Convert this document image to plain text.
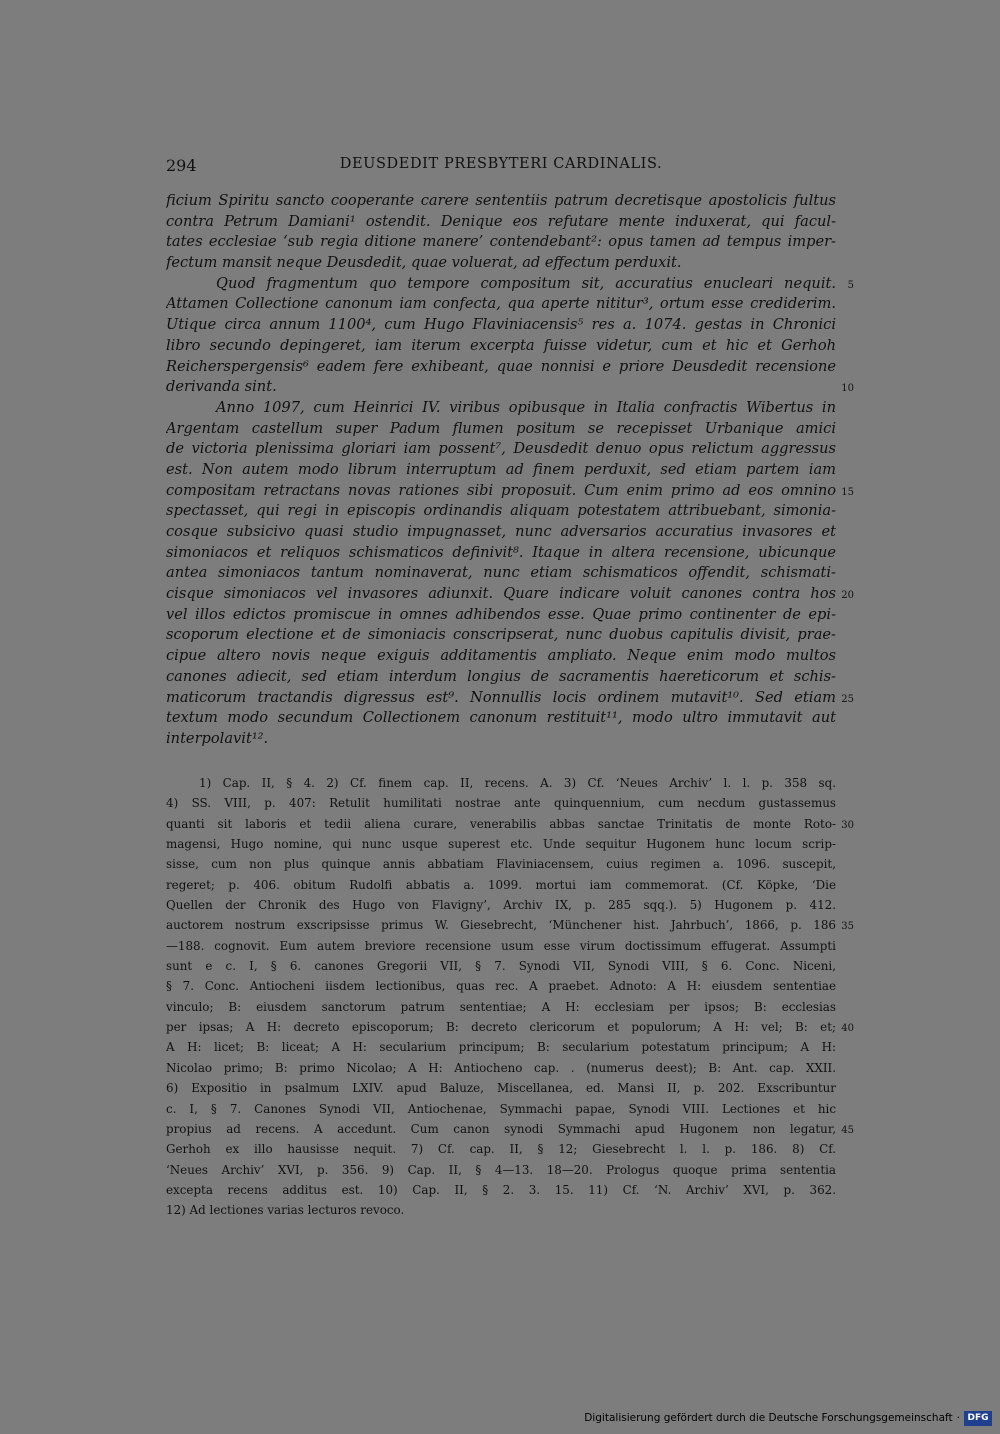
294	DEUSDEDIT PRESBYTERI CARDINALIS.
ficium Spiritu sancto cooperante carere sententiis patrum decretisque apostolicis fultus
contra Petrum Damiani¹ ostendit. Denique eos refutare mente induxerat, qui facul-
tates ecclesiae ‘sub regia ditione manere’ contendebant²: opus tamen ad tempus imper-
fectum mansit neque Deusdedit, quae voluerat, ad effectum perduxit.
Quod fragmentum quo tempore compositum sit, accuratius enucleari nequit.	5
Attamen Collectione canonum iam confecta, qua aperte nititur³, ortum esse crediderim.
Utique circa annum 1100⁴, cum Hugo Flaviniacensis⁵ res a. 1074. gestas in Chronici
libro secundo depingeret, iam iterum excerpta fuisse videtur, cum et hic et Gerhoh
Reicherspergensis⁶ eadem fere exhibeant, quae nonnisi e priore Deusdedit recensione
derivanda sint.	10
Anno 1097, cum Heinrici IV. viribus opibusque in Italia confractis Wibertus in
Argentam castellum super Padum flumen positum se recepisset Urbanique amici
de victoria plenissima gloriari iam possent⁷, Deusdedit denuo opus relictum aggressus
est. Non autem modo librum interruptum ad finem perduxit, sed etiam partem iam
compositam retractans novas rationes sibi proposuit. Cum enim primo ad eos omnino 15
spectasset, qui regi in episcopis ordinandis aliquam potestatem attribuebant, simonia-
cosque subsicivo quasi studio impugnasset, nunc adversarios accuratius invasores et
simoniacos et reliquos schismaticos definivit⁸. Itaque in altera recensione, ubicunque
antea simoniacos tantum nominaverat, nunc etiam schismaticos offendit, schismati-
cisque simoniacos vel invasores adiunxit. Quare indicare voluit canones contra hos 20
vel illos edictos promiscue in omnes adhibendos esse. Quae primo continenter de epi-
scoporum electione et de simoniacis conscripserat, nunc duobus capitulis divisit, prae-
cipue altero novis neque exiguis additamentis ampliato. Neque enim modo multos
canones adiecit, sed etiam interdum longius de sacramentis haereticorum et schis-
maticorum tractandis digressus est⁹. Nonnullis locis ordinem mutavit¹⁰. Sed etiam 25
textum modo secundum Collectionem canonum restituit¹¹, modo ultro immutavit aut
interpolavit¹².
1) Cap. II, § 4. 2) Cf. finem cap. II, recens. A. 3) Cf. ‘Neues Archiv’ l. l. p. 358 sq.
4) SS. VIII, p. 407: Retulit humilitati nostrae ante quinquennium, cum necdum gustassemus
quanti sit laboris et tedii aliena curare, venerabilis abbas sanctae Trinitatis de monte Roto- 30
magensi, Hugo nomine, qui nunc usque superest etc. Unde sequitur Hugonem hunc locum scrip-
sisse, cum non plus quinque annis abbatiam Flaviniacensem, cuius regimen a. 1096. suscepit,
regeret; p. 406. obitum Rudolfi abbatis a. 1099. mortui iam commemorat. (Cf. Köpke, ‘Die
Quellen der Chronik des Hugo von Flavigny’, Archiv IX, p. 285 sqq.). 5) Hugonem p. 412.
auctorem nostrum exscripsisse primus W. Giesebrecht, ‘Münchener hist. Jahrbuch’, 1866, p. 186 35
—188. cognovit. Eum autem breviore recensione usum esse virum doctissimum effugerat. Assumpti
sunt e c. I, § 6. canones Gregorii VII, § 7. Synodi VII, Synodi VIII, § 6. Conc. Niceni,
§ 7. Conc. Antiocheni iisdem lectionibus, quas rec. A praebet. Adnoto: A H: eiusdem sententiae
vinculo; B: eiusdem sanctorum patrum sententiae; A H: ecclesiam per ipsos; B: ecclesias
per ipsas; A H: decreto episcoporum; B: decreto clericorum et populorum; A H: vel; B: et; 40
A H: licet; B: liceat; A H: secularium principum; B: secularium potestatum principum; A H:
Nicolao primo; B: primo Nicolao; A H: Antiocheno cap. . (numerus deest); B: Ant. cap. XXII.
6) Expositio in psalmum LXIV. apud Baluze, Miscellanea, ed. Mansi II, p. 202. Exscribuntur
c. I, § 7. Canones Synodi VII, Antiochenae, Symmachi papae, Synodi VIII. Lectiones et hic
propius ad recens. A accedunt. Cum canon synodi Symmachi apud Hugonem non legatur, 45
Gerhoh ex illo hausisse nequit. 7) Cf. cap. II, § 12; Giesebrecht l. l. p. 186. 8) Cf.
‘Neues Archiv’ XVI, p. 356. 9) Cap. II, § 4—13. 18—20. Prologus quoque prima sententia
excepta recens additus est. 10) Cap. II, § 2. 3. 15. 11) Cf. ‘N. Archiv’ XVI, p. 362.
12) Ad lectiones varias lecturos revoco.
Digitalisierung gefördert durch die Deutsche Forschungsgemeinschaft · DFG
